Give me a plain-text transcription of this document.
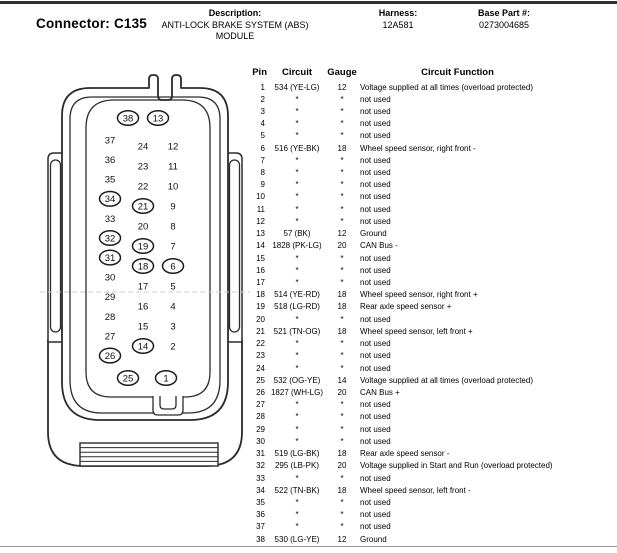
Connector: C135
Description:
ANTI-LOCK BRAKE SYSTEM (ABS)
MODULE
Harness:
12A581
Base Part #:
0273004685
38 13
37
36
35
34
33
32
31
30
29
28
27
26
24
23
22
21
20
19
18
17
16
15
14
12
11
10
9
8
7
6
5
4
3
2
25	1
Pin	Circuit	Gauge	Circuit Function
1	534 (YE-LG)	12	Voltage supplied at all times (overload protected)
2	*	*	not used
3	*	*	not used
4	*	*	not used
5	*	*	not used
6	516 (YE-BK)	18	Wheel speed sensor, right front -
7	*	*	not used
8	*	*	not used
9	*	*	not used
10	*	*	not used
11	*	*	not used
12	*	*	not used
13	57 (BK)	12	Ground
14 1828 (PK-LG)	20	CAN Bus -
15	*	*	not used
16	*	*	not used
17	*	*	not used
18	514 (YE-RD)	18	Wheel speed sensor, right front +
19	518 (LG-RD)	18	Rear axle speed sensor +
20	*	*	not used
21	521 (TN-OG)	18	Wheel speed sensor, left front +
22	*	*	not used
23	*	*	not used
24	*	*	not used
25	532 (OG-YE)	14	Voltage supplied at all times (overload protected)
26 1827 (WH-LG)	20	CAN Bus +
27	*	*	not used
28	*	*	not used
29	*	*	not used
30	*	*	not used
31	519 (LG-BK)	18	Rear axle speed sensor -
32	295 (LB-PK)	20	Voltage supplied in Start and Run (overload protected)
33	*	*	not used
34	522 (TN-BK)	18	Wheel speed sensor, left front -
35	*	*	not used
36	*	*	not used
37	*	*	not used
38	530 (LG-YE)	12	Ground
